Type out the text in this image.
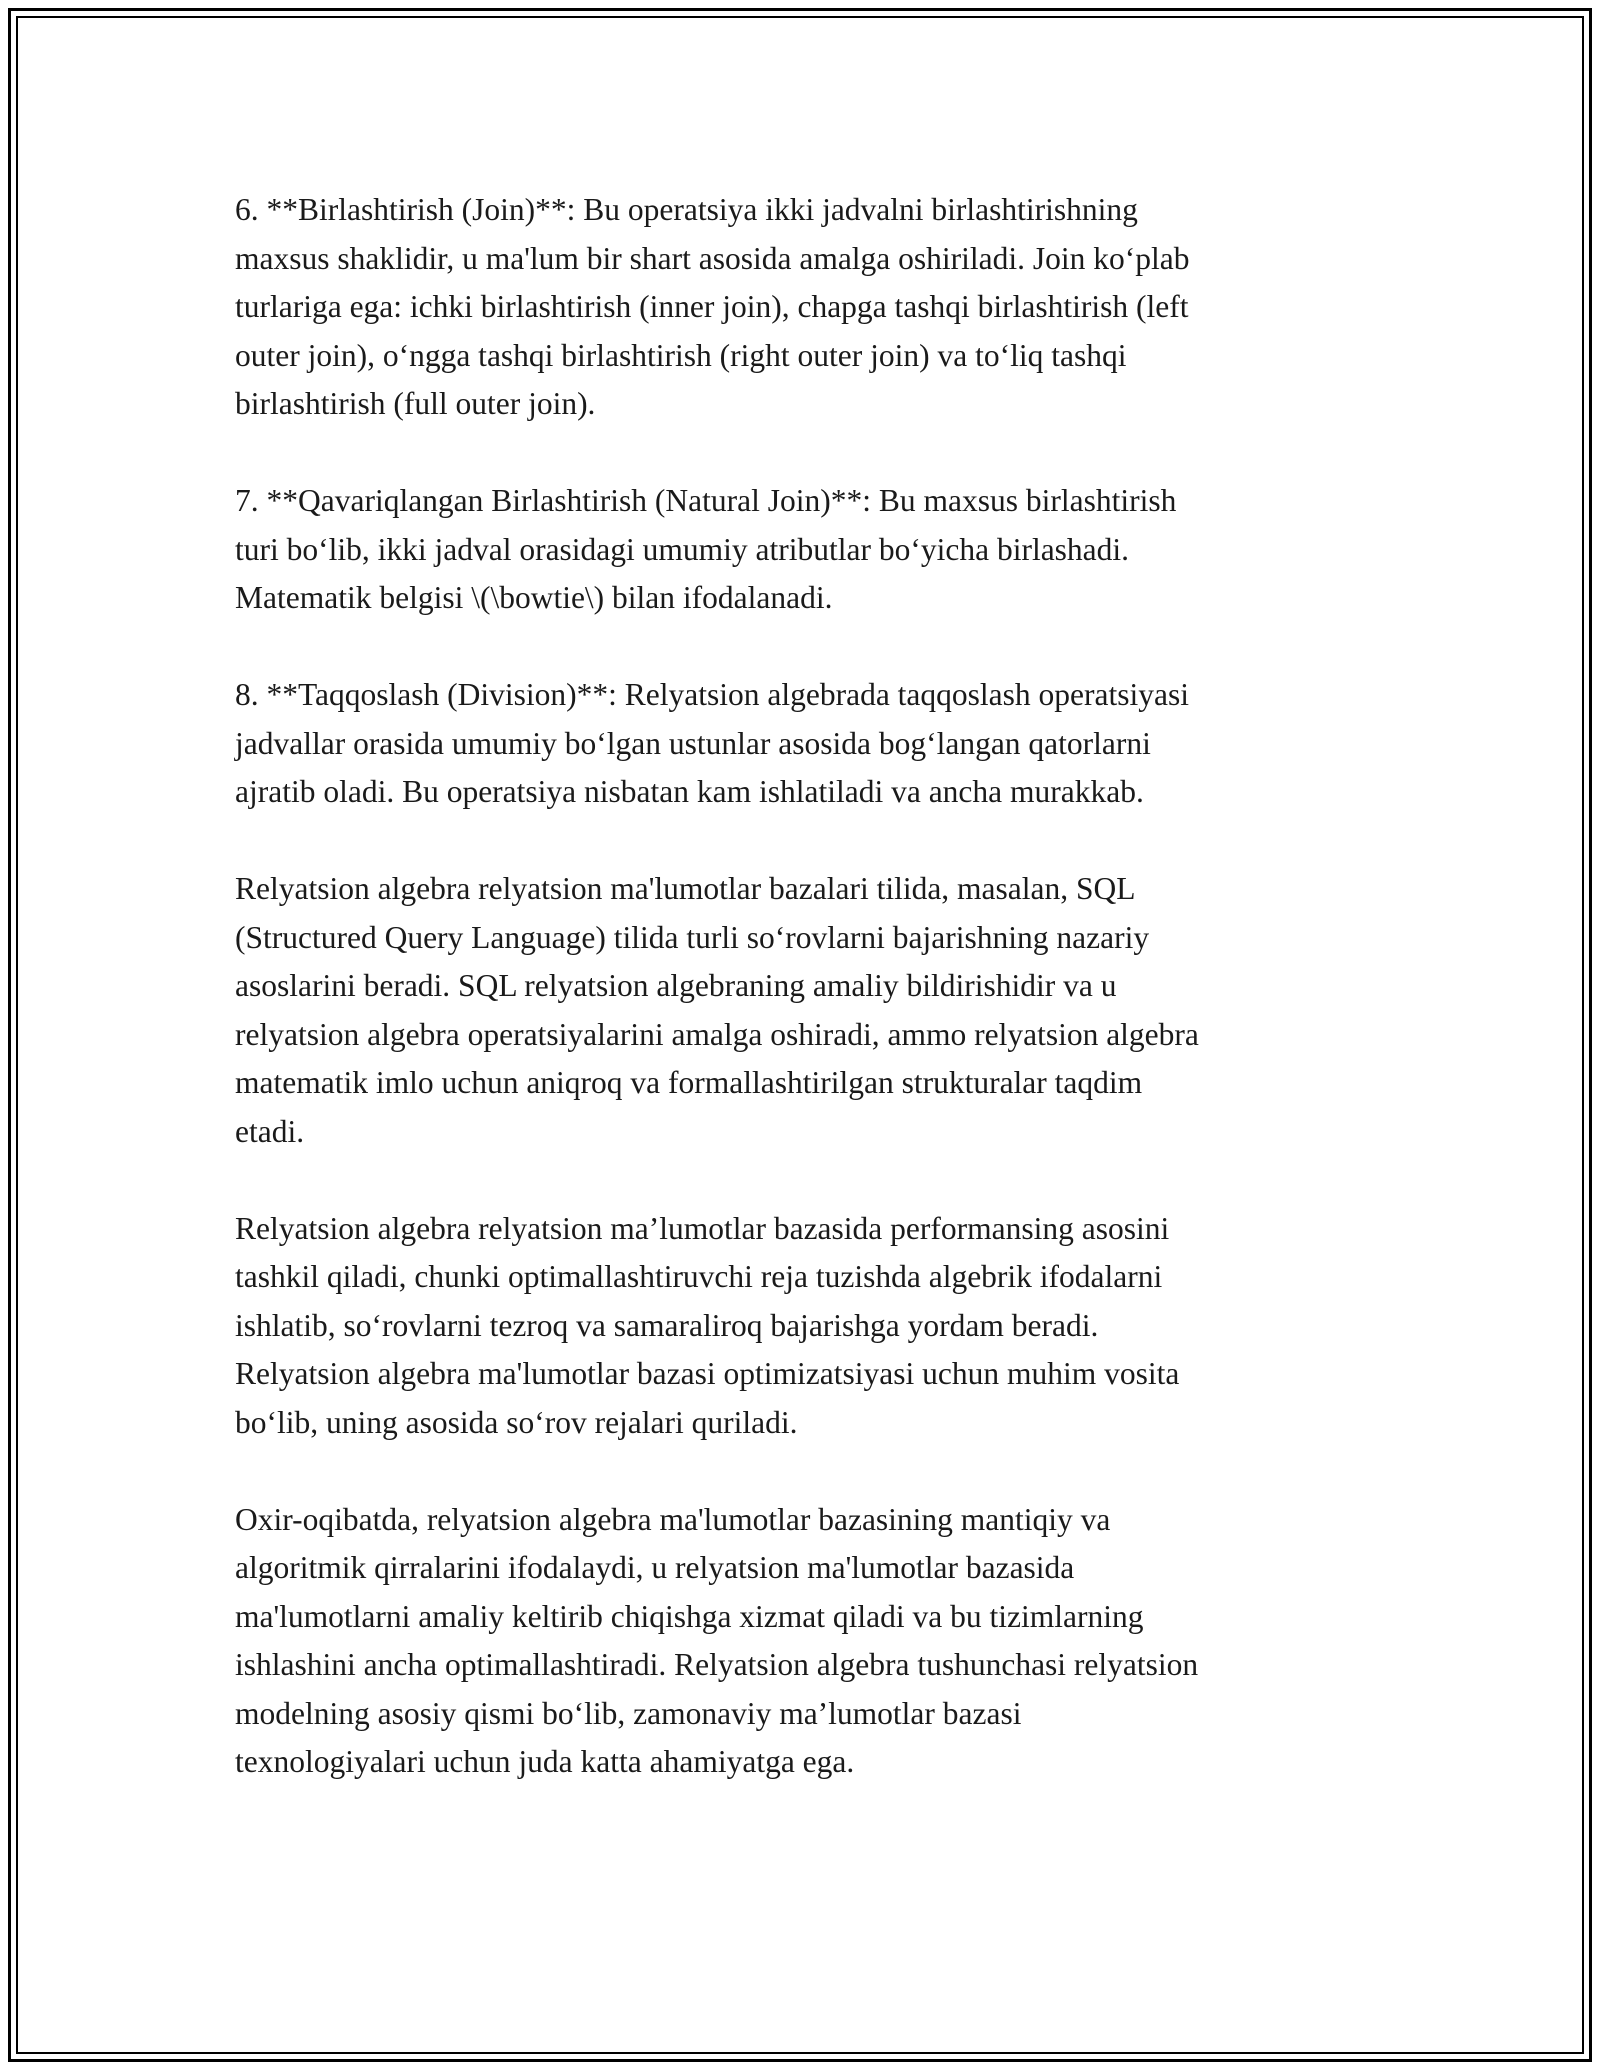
6. **Birlashtirish (Join)**: Bu operatsiya ikki jadvalni birlashtirishning
maxsus shaklidir, u ma'lum bir shart asosida amalga oshiriladi. Join ko‘plab
turlariga ega: ichki birlashtirish (inner join), chapga tashqi birlashtirish (left
outer join), o‘ngga tashqi birlashtirish (right outer join) va to‘liq tashqi
birlashtirish (full outer join).

7. **Qavariqlangan Birlashtirish (Natural Join)**: Bu maxsus birlashtirish
turi bo‘lib, ikki jadval orasidagi umumiy atributlar bo‘yicha birlashadi.
Matematik belgisi \(\bowtie\) bilan ifodalanadi.

8. **Taqqoslash (Division)**: Relyatsion algebrada taqqoslash operatsiyasi
jadvallar orasida umumiy bo‘lgan ustunlar asosida bog‘langan qatorlarni
ajratib oladi. Bu operatsiya nisbatan kam ishlatiladi va ancha murakkab.

Relyatsion algebra relyatsion ma'lumotlar bazalari tilida, masalan, SQL
(Structured Query Language) tilida turli so‘rovlarni bajarishning nazariy
asoslarini beradi. SQL relyatsion algebraning amaliy bildirishidir va u
relyatsion algebra operatsiyalarini amalga oshiradi, ammo relyatsion algebra
matematik imlo uchun aniqroq va formallashtirilgan strukturalar taqdim
etadi.

Relyatsion algebra relyatsion ma’lumotlar bazasida performansing asosini
tashkil qiladi, chunki optimallashtiruvchi reja tuzishda algebrik ifodalarni
ishlatib, so‘rovlarni tezroq va samaraliroq bajarishga yordam beradi.
Relyatsion algebra ma'lumotlar bazasi optimizatsiyasi uchun muhim vosita
bo‘lib, uning asosida so‘rov rejalari quriladi.

Oxir-oqibatda, relyatsion algebra ma'lumotlar bazasining mantiqiy va
algoritmik qirralarini ifodalaydi, u relyatsion ma'lumotlar bazasida
ma'lumotlarni amaliy keltirib chiqishga xizmat qiladi va bu tizimlarning
ishlashini ancha optimallashtiradi. Relyatsion algebra tushunchasi relyatsion
modelning asosiy qismi bo‘lib, zamonaviy ma’lumotlar bazasi
texnologiyalari uchun juda katta ahamiyatga ega.
